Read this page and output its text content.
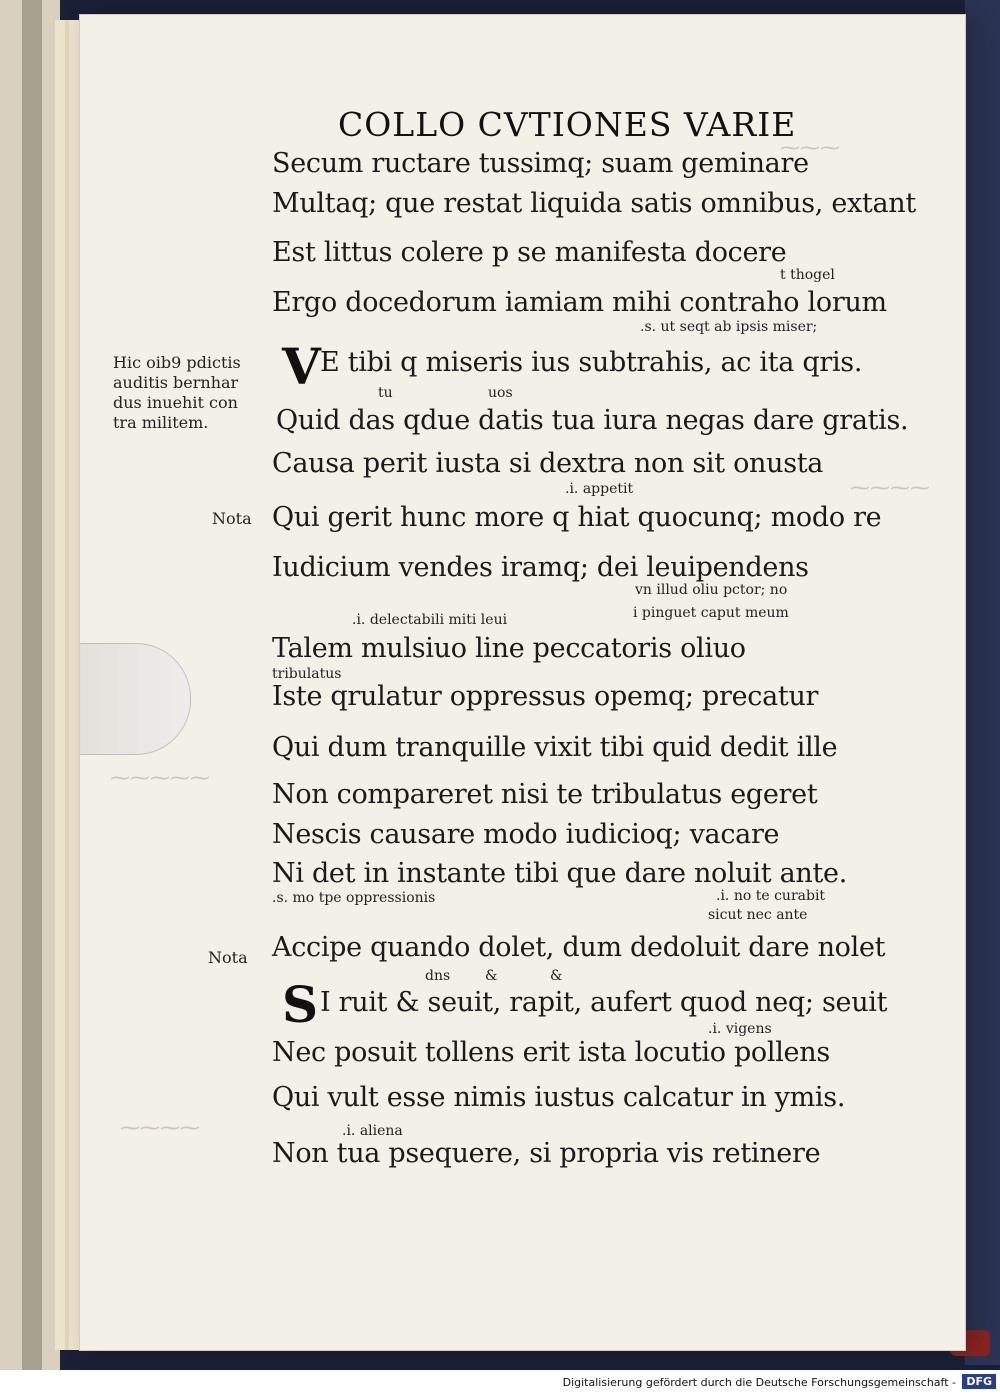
⁓⁓⁓
⁓⁓⁓⁓
⁓⁓⁓⁓⁓
⁓⁓⁓⁓
COLLO CVTIONES VARIE
Secum ructare tussimq; suam geminare
Multaq; que restat liquida satis omnibus, extant
Est littus colere p se manifesta docere
t thogel
Ergo docedorum iamiam mihi contraho lorum
.s. ut seqt ab ipsis miser;
Hic oib9 pdictis
auditis bernhar
dus inuehit con
tra militem.
V E tibi q miseris ius subtrahis, ac ita qris.
tu	uos
Quid das qdue datis tua iura negas dare gratis.
Causa perit iusta si dextra non sit onusta
.i. appetit
Nota Qui gerit hunc more q hiat quocunq; modo re
Iudicium vendes iramq; dei leuipendens
vn illud oliu pctor; no
.i. delectabili miti leui	i pinguet caput meum
Talem mulsiuo line peccatoris oliuo
tribulatus
Iste qrulatur oppressus opemq; precatur
Qui dum tranquille vixit tibi quid dedit ille
Non compareret nisi te tribulatus egeret
Nescis causare modo iudicioq; vacare
Ni det in instante tibi que dare noluit ante.
.s. mo tpe oppressionis	.i. no te curabit
sicut nec ante
Nota Accipe quando dolet, dum dedoluit dare nolet
dns &	&
S I ruit & seuit, rapit, aufert quod neq; seuit
.i. vigens
Nec posuit tollens erit ista locutio pollens
Qui vult esse nimis iustus calcatur in ymis.
.i. aliena
Non tua psequere, si propria vis retinere
Digitalisierung gefördert durch die Deutsche Forschungsgemeinschaft - DFG
